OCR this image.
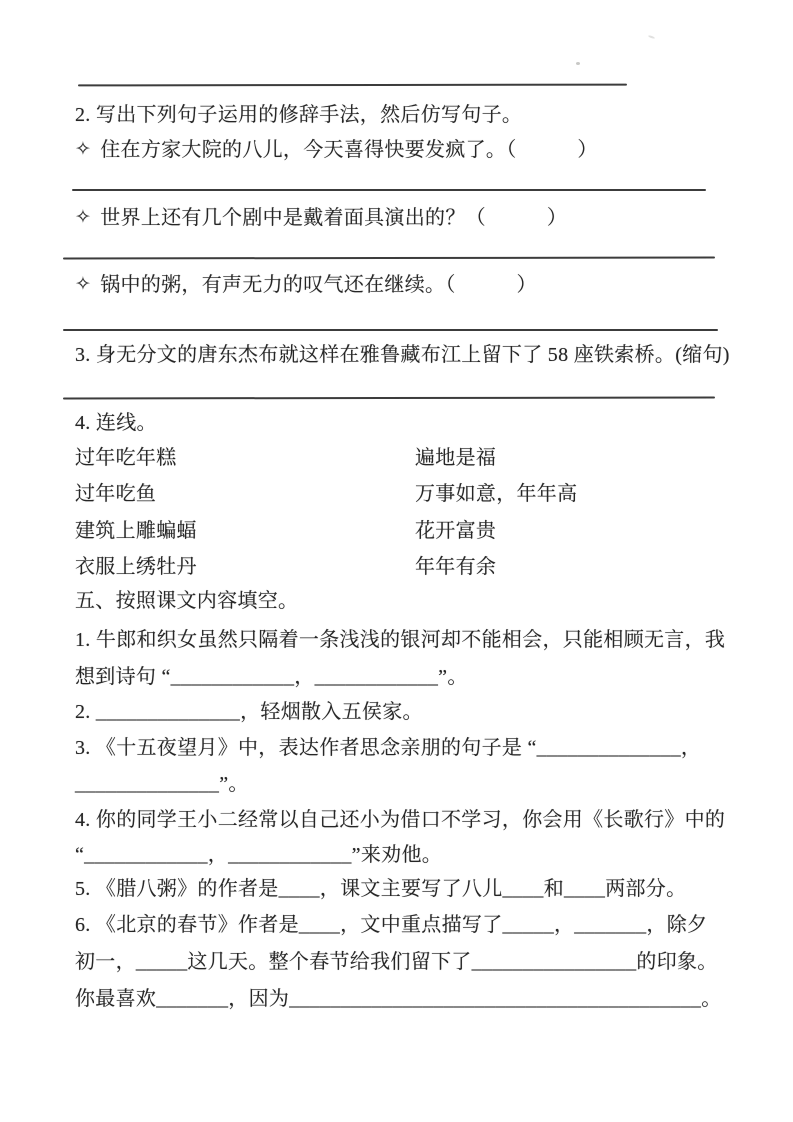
2. 写出下列句子运用的修辞手法，然后仿写句子。
✧ 住在方家大院的八儿，今天喜得快要发疯了。（　　　）
✧ 世界上还有几个剧中是戴着面具演出的？（　　　）
✧ 锅中的粥，有声无力的叹气还在继续。（　　　）
3. 身无分文的唐东杰布就这样在雅鲁藏布江上留下了 58 座铁索桥。(缩句)
4. 连线。
过年吃年糕
过年吃鱼
建筑上雕蝙蝠
衣服上绣牡丹
遍地是福
万事如意，年年高
花开富贵
年年有余
五、按照课文内容填空。
1. 牛郎和织女虽然只隔着一条浅浅的银河却不能相会，只能相顾无言，我
想到诗句 “____________，____________”。
2. ______________，轻烟散入五侯家。
3. 《十五夜望月》中，表达作者思念亲朋的句子是 “______________，
______________”。
4. 你的同学王小二经常以自己还小为借口不学习，你会用《长歌行》中的
“____________，____________”来劝他。
5. 《腊八粥》的作者是____，课文主要写了八儿____和____两部分。
6. 《北京的春节》作者是____，文中重点描写了_____，_______，除夕
初一，_____这几天。整个春节给我们留下了________________的印象。
你最喜欢_______，因为________________________________________。
